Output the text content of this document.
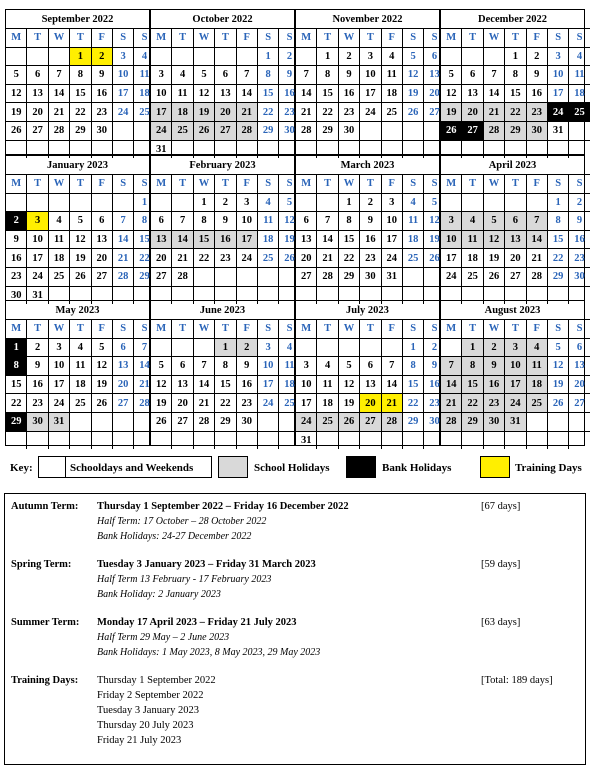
September 2022
M	T	W	T	F	S	S
			1	2	3	4
5	6	7	8	9	10	11
12	13	14	15	16	17	18
19	20	21	22	23	24	25
26	27	28	29	30		

October 2022
M	T	W	T	F	S	S
					1	2
3	4	5	6	7	8	9
10	11	12	13	14	15	16
17	18	19	20	21	22	23
24	25	26	27	28	29	30
31						
November 2022
M	T	W	T	F	S	S
	1	2	3	4	5	6
7	8	9	10	11	12	13
14	15	16	17	18	19	20
21	22	23	24	25	26	27
28	29	30				

December 2022
M	T	W	T	F	S	S
			1	2	3	4
5	6	7	8	9	10	11
12	13	14	15	16	17	18
19	20	21	22	23	24	25
26	27	28	29	30	31	

January 2023
M	T	W	T	F	S	S
						1
2	3	4	5	6	7	8
9	10	11	12	13	14	15
16	17	18	19	20	21	22
23	24	25	26	27	28	29
30	31					
February 2023
M	T	W	T	F	S	S
		1	2	3	4	5
6	7	8	9	10	11	12
13	14	15	16	17	18	19
20	21	22	23	24	25	26
27	28					

March 2023
M	T	W	T	F	S	S
		1	2	3	4	5
6	7	8	9	10	11	12
13	14	15	16	17	18	19
20	21	22	23	24	25	26
27	28	29	30	31		

April 2023
M	T	W	T	F	S	S
					1	2
3	4	5	6	7	8	9
10	11	12	13	14	15	16
17	18	19	20	21	22	23
24	25	26	27	28	29	30

May 2023
M	T	W	T	F	S	S
1	2	3	4	5	6	7
8	9	10	11	12	13	14
15	16	17	18	19	20	21
22	23	24	25	26	27	28
29	30	31				

June 2023
M	T	W	T	F	S	S
			1	2	3	4
5	6	7	8	9	10	11
12	13	14	15	16	17	18
19	20	21	22	23	24	25
26	27	28	29	30		

July 2023
M	T	W	T	F	S	S
					1	2
3	4	5	6	7	8	9
10	11	12	13	14	15	16
17	18	19	20	21	22	23
24	25	26	27	28	29	30
31						
August 2023
M	T	W	T	F	S	S
	1	2	3	4	5	6
7	8	9	10	11	12	13
14	15	16	17	18	19	20
21	22	23	24	25	26	27
28	29	30	31			

Key:	Schooldays and Weekends	School Holidays	Bank Holidays	Training Days
Autumn Term: Thursday 1 September 2022 – Friday 16 December 2022	[67 days]
Half Term: 17 October – 28 October 2022
Bank Holidays: 24-27 December 2022
Spring Term: Tuesday 3 January 2023 – Friday 31 March 2023	[59 days]
Half Term 13 February - 17 February 2023
Bank Holiday: 2 January 2023
Summer Term: Monday 17 April 2023 – Friday 21 July 2023	[63 days]
Half Term 29 May – 2 June 2023
Bank Holidays: 1 May 2023, 8 May 2023, 29 May 2023
Training Days:	[Total: 189 days]
Thursday 1 September 2022
Friday 2 September 2022
Tuesday 3 January 2023
Thursday 20 July 2023
Friday 21 July 2023
